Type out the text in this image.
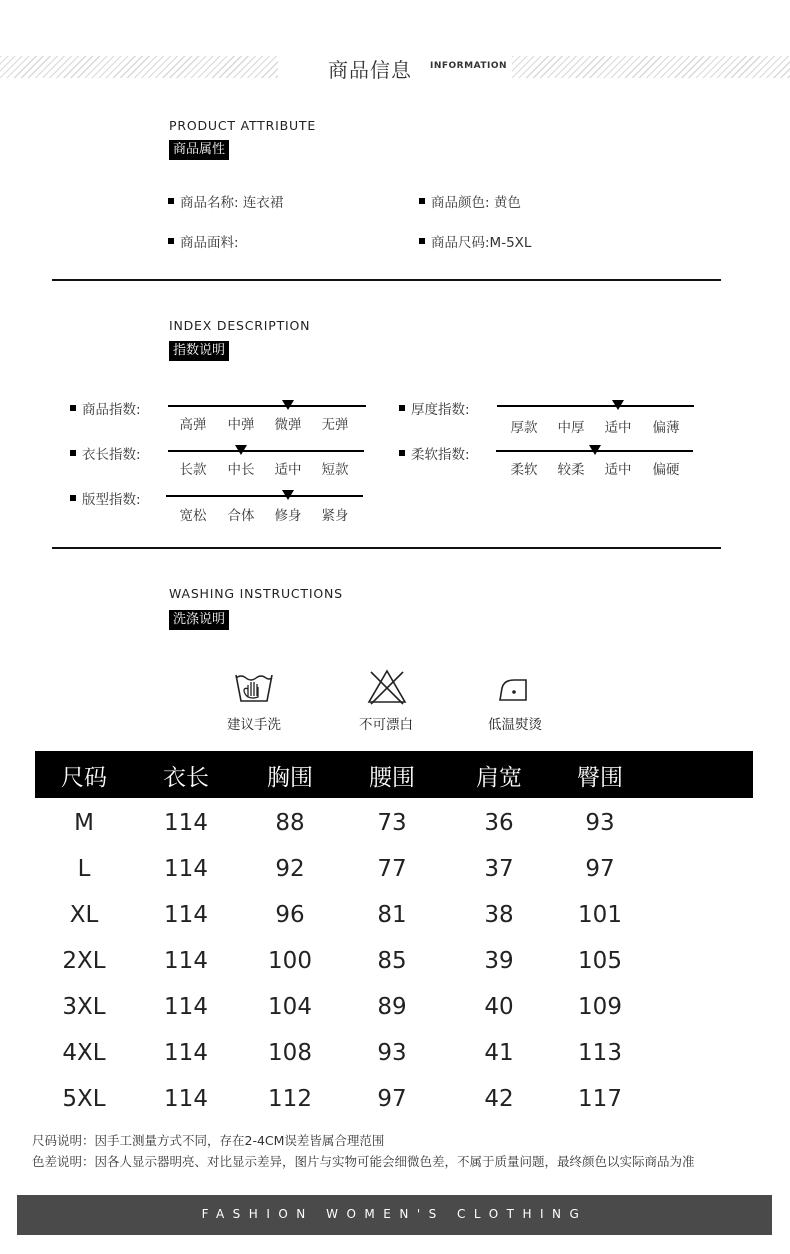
商品信息 INFORMATION
PRODUCT ATTRIBUTE
商品属性
商品名称: 连衣裙	商品颜色: 黄色
商品面料:	商品尺码:M-5XL
INDEX DESCRIPTION
指数说明
商品指数:
高弹	中弹	微弹	无弹
衣长指数:
长款	中长	适中	短款
版型指数:
宽松	合体	修身	紧身
厚度指数:
厚款	中厚	适中	偏薄
柔软指数:
柔软	较柔	适中	偏硬
WASHING INSTRUCTIONS
洗涤说明
建议手洗	不可漂白	低温熨烫
尺码	衣长	胸围	腰围	肩宽	臀围
M	114	88	73	36	93
L	114	92	77	37	97
XL	114	96	81	38	101
2XL	114	100	85	39	105
3XL	114	104	89	40	109
4XL	114	108	93	41	113
5XL	114	112	97	42	117
尺码说明：因手工测量方式不同，存在2-4CM误差皆属合理范围
色差说明：因各人显示器明亮、对比显示差异，图片与实物可能会细微色差，不属于质量问题，最终颜色以实际商品为准
FASHION WOMEN'S CLOTHING
